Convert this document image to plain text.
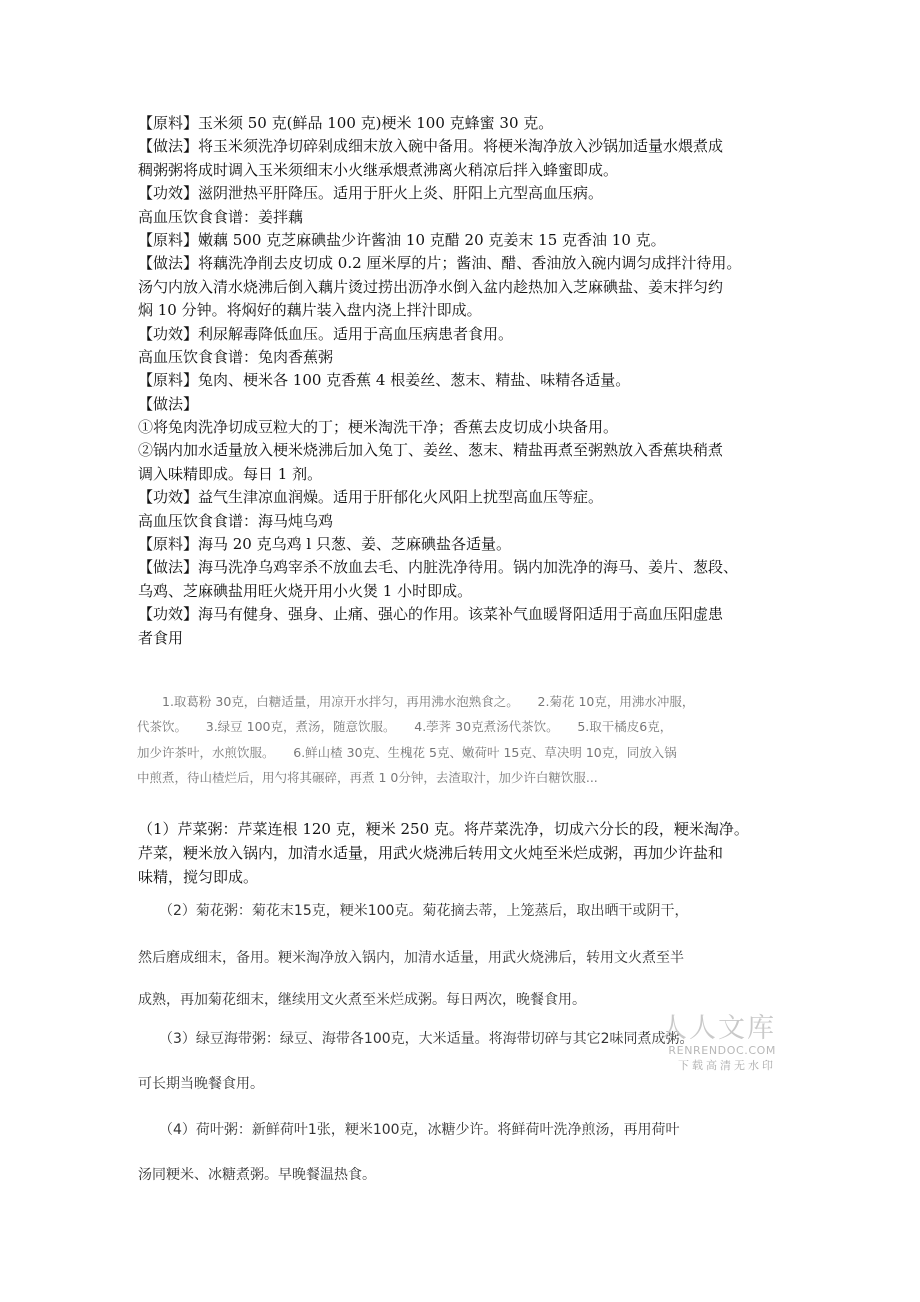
【原料】玉米须 50 克(鲜品 100 克)梗米 100 克蜂蜜 30 克。
【做法】将玉米须洗净切碎剁成细末放入碗中备用。将梗米淘净放入沙锅加适量水煨煮成
稠粥粥将成时调入玉米须细末小火继承煨煮沸离火稍凉后拌入蜂蜜即成。
【功效】滋阴泄热平肝降压。适用于肝火上炎、肝阳上亢型高血压病。
高血压饮食食谱：姜拌藕
【原料】嫩藕 500 克芝麻碘盐少许酱油 10 克醋 20 克姜末 15 克香油 10 克。
【做法】将藕洗净削去皮切成 0.2 厘米厚的片；酱油、醋、香油放入碗内调匀成拌汁待用。
汤勺内放入清水烧沸后倒入藕片烫过捞出沥净水倒入盆内趁热加入芝麻碘盐、姜末拌匀约
焖 10 分钟。将焖好的藕片装入盘内浇上拌汁即成。
【功效】利尿解毒降低血压。适用于高血压病患者食用。
高血压饮食食谱：兔肉香蕉粥
【原料】兔肉、梗米各 100 克香蕉 4 根姜丝、葱末、精盐、味精各适量。
【做法】
①将兔肉洗净切成豆粒大的丁；梗米淘洗干净；香蕉去皮切成小块备用。
②锅内加水适量放入梗米烧沸后加入兔丁、姜丝、葱末、精盐再煮至粥熟放入香蕉块稍煮
调入味精即成。每日 1 剂。
【功效】益气生津凉血润燥。适用于肝郁化火风阳上扰型高血压等症。
高血压饮食食谱：海马炖乌鸡
【原料】海马 20 克乌鸡 l 只葱、姜、芝麻碘盐各适量。
【做法】海马洗净乌鸡宰杀不放血去毛、内脏洗净待用。锅内加洗净的海马、姜片、葱段、
乌鸡、芝麻碘盐用旺火烧开用小火煲 1 小时即成。
【功效】海马有健身、强身、止痛、强心的作用。该菜补气血暖肾阳适用于高血压阳虚患
者食用
　　1.取葛粉 30克，白糖适量，用凉开水拌匀，再用沸水泡熟食之。　　2.菊花 10克，用沸水冲服，
代茶饮。　　3.绿豆 100克，煮汤，随意饮服。　　4.荸荠 30克煮汤代茶饮。　　5.取干橘皮6克，
加少许茶叶，水煎饮服。　　6.鲜山楂 30克、生槐花 5克、嫩荷叶 15克、草决明 10克，同放入锅
中煎煮，待山楂烂后，用勺将其碾碎，再煮 1 0分钟，去渣取汁，加少许白糖饮服...
（1）芹菜粥：芹菜连根 120 克，粳米 250 克。将芹菜洗净，切成六分长的段，粳米淘净。
芹菜，粳米放入锅内，加清水适量，用武火烧沸后转用文火炖至米烂成粥，再加少许盐和
味精，搅匀即成。
　　（2）菊花粥：菊花末15克，粳米100克。菊花摘去蒂，上笼蒸后，取出晒干或阴干，
然后磨成细末，备用。粳米淘净放入锅内，加清水适量，用武火烧沸后，转用文火煮至半
成熟，再加菊花细末，继续用文火煮至米烂成粥。每日两次，晚餐食用。
　　（3）绿豆海带粥：绿豆、海带各100克，大米适量。将海带切碎与其它2味同煮成粥。
可长期当晚餐食用。
　　（4）荷叶粥：新鲜荷叶1张，粳米100克，冰糖少许。将鲜荷叶洗净煎汤，再用荷叶
汤同粳米、冰糖煮粥。早晚餐温热食。
人人文库
RENRENDOC.COM
下载高清无水印
